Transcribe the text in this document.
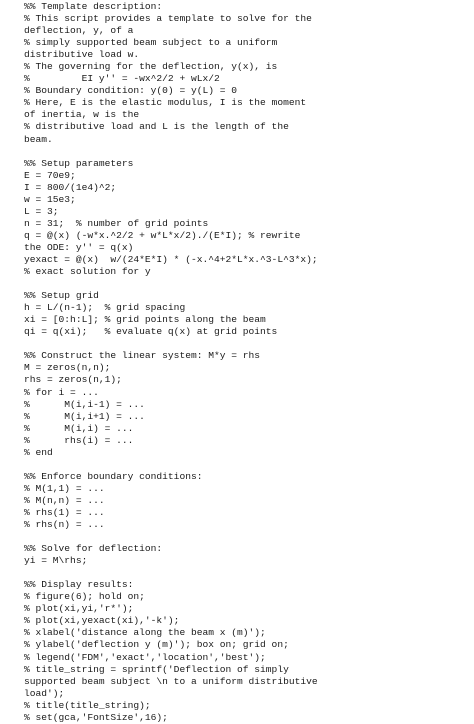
%% Template description:
% This script provides a template to solve for the
deflection, y, of a
% simply supported beam subject to a uniform
distributive load w.
% The governing for the deflection, y(x), is
%         EI y'' = -wx^2/2 + wLx/2
% Boundary condition: y(0) = y(L) = 0
% Here, E is the elastic modulus, I is the moment
of inertia, w is the
% distributive load and L is the length of the
beam.
%% Setup parameters
E = 70e9;
I = 800/(1e4)^2;
w = 15e3;
L = 3;
n = 31;  % number of grid points
q = @(x) (-w*x.^2/2 + w*L*x/2)./(E*I); % rewrite
the ODE: y'' = q(x)
yexact = @(x)  w/(24*E*I) * (-x.^4+2*L*x.^3-L^3*x);
% exact solution for y
%% Setup grid
h = L/(n-1);  % grid spacing
xi = [0:h:L]; % grid points along the beam
qi = q(xi);   % evaluate q(x) at grid points
%% Construct the linear system: M*y = rhs
M = zeros(n,n);
rhs = zeros(n,1);
% for i = ...
%      M(i,i-1) = ...
%      M(i,i+1) = ...
%      M(i,i) = ...
%      rhs(i) = ...
% end
%% Enforce boundary conditions:
% M(1,1) = ...
% M(n,n) = ...
% rhs(1) = ...
% rhs(n) = ...
%% Solve for deflection:
yi = M\rhs;
%% Display results:
% figure(6); hold on;
% plot(xi,yi,'r*');
% plot(xi,yexact(xi),'-k');
% xlabel('distance along the beam x (m)');
% ylabel('deflection y (m)'); box on; grid on;
% legend('FDM','exact','location','best');
% title_string = sprintf('Deflection of simply
supported beam subject \n to a uniform distributive
load');
% title(title_string);
% set(gca,'FontSize',16);
